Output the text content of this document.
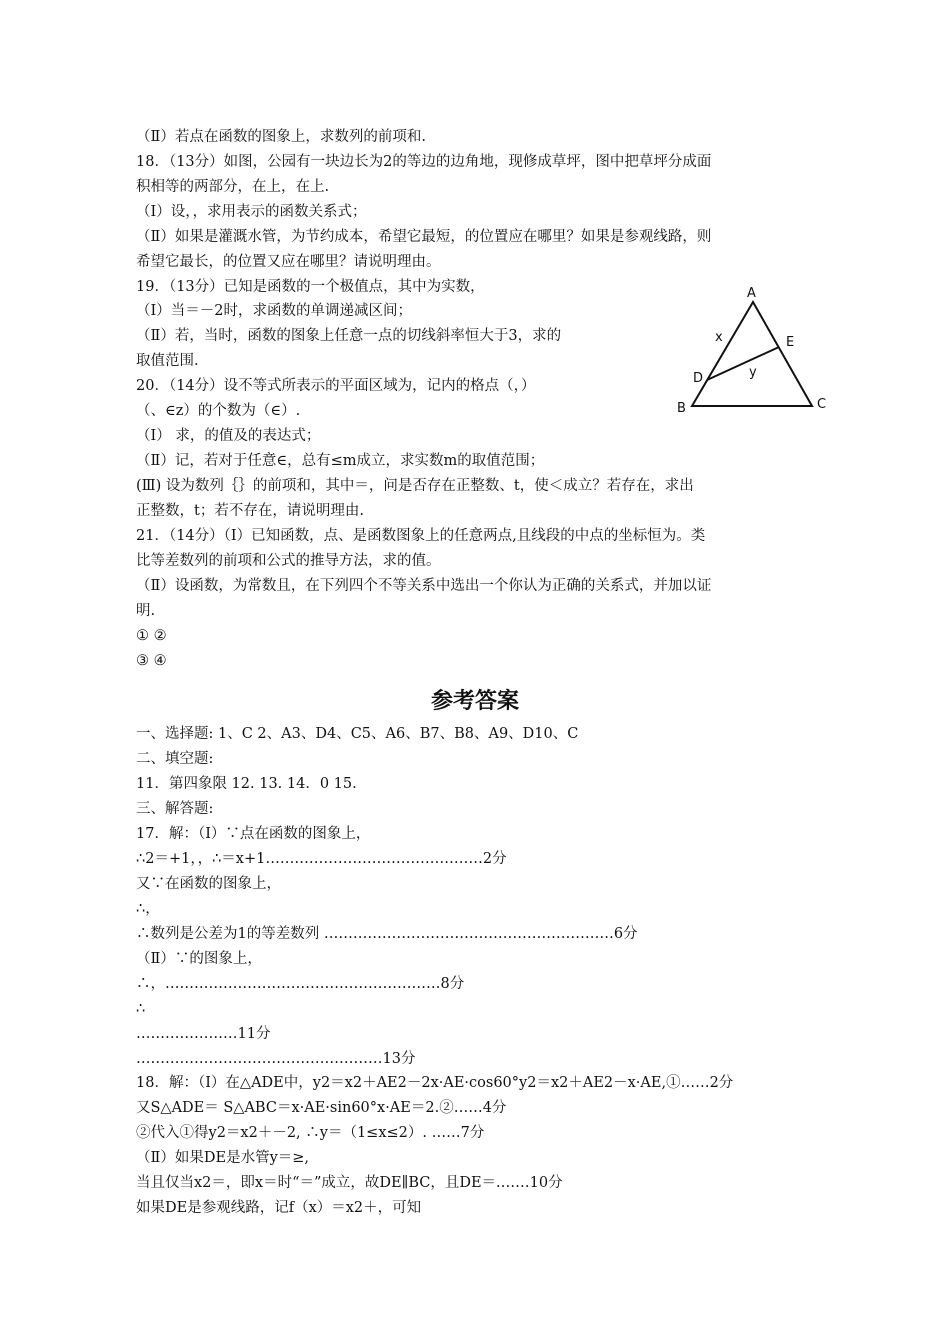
（Ⅱ）若点在函数的图象上，求数列的前项和.
18．（13分）如图，公园有一块边长为2的等边的边角地，现修成草坪，图中把草坪分成面
积相等的两部分，在上，在上.
（Ⅰ）设，，求用表示的函数关系式；
（Ⅱ）如果是灌溉水管，为节约成本，希望它最短，的位置应在哪里？如果是参观线路，则
希望它最长，的位置又应在哪里？请说明理由。
19．（13分）已知是函数的一个极值点，其中为实数，
（Ⅰ）当＝－2时，求函数的单调递减区间；
（Ⅱ）若，当时，函数的图象上任意一点的切线斜率恒大于3，求的
取值范围.
20．（14分）设不等式所表示的平面区域为，记内的格点（，）
（、∈z）的个数为（∈）.
（Ⅰ） 求，的值及的表达式；
（Ⅱ）记，若对于任意∈，总有≤m成立，求实数m的取值范围；
(Ⅲ) 设为数列｛｝的前项和，其中＝，问是否存在正整数、t，使＜成立？若存在，求出
正整数，t；若不存在，请说明理由.
21．（14分）（Ⅰ）已知函数，点、是函数图象上的任意两点,且线段的中点的坐标恒为。类
比等差数列的前项和公式的推导方法，求的值。
（Ⅱ）设函数，为常数且，在下列四个不等关系中选出一个你认为正确的关系式，并加以证
明.
① ②
③ ④
A
B	C
D
E
x
y
参考答案
一、选择题: 1、C 2、A3、D4、C5、A6、B7、B8、A9、D10、C
二、填空题:
11．第四象限 12. 13. 14．0 15.
三、解答题:
17．解：（Ⅰ）∵点在函数的图象上，
∴2＝+1，，∴＝x+1………………………………………2分
又∵在函数的图象上，
∴，
∴数列是公差为1的等差数列 ……………………………………………………6分
（Ⅱ）∵的图象上，
∴，…………………………………………………8分
∴
…………………11分
……………………………………………13分
18．解：（Ⅰ）在△ADE中，y2＝x2＋AE2－2x·AE·cos60°y2＝x2＋AE2－x·AE,①……2分
又S△ADE＝ S△ABC＝x·AE·sin60°x·AE＝2.②……4分
②代入①得y2＝x2＋－2, ∴y＝（1≤x≤2）. ……7分
（Ⅱ）如果DE是水管y＝≥,
当且仅当x2＝，即x＝时“＝”成立，故DE∥BC，且DE＝.……10分
如果DE是参观线路，记f（x）＝x2＋，可知
